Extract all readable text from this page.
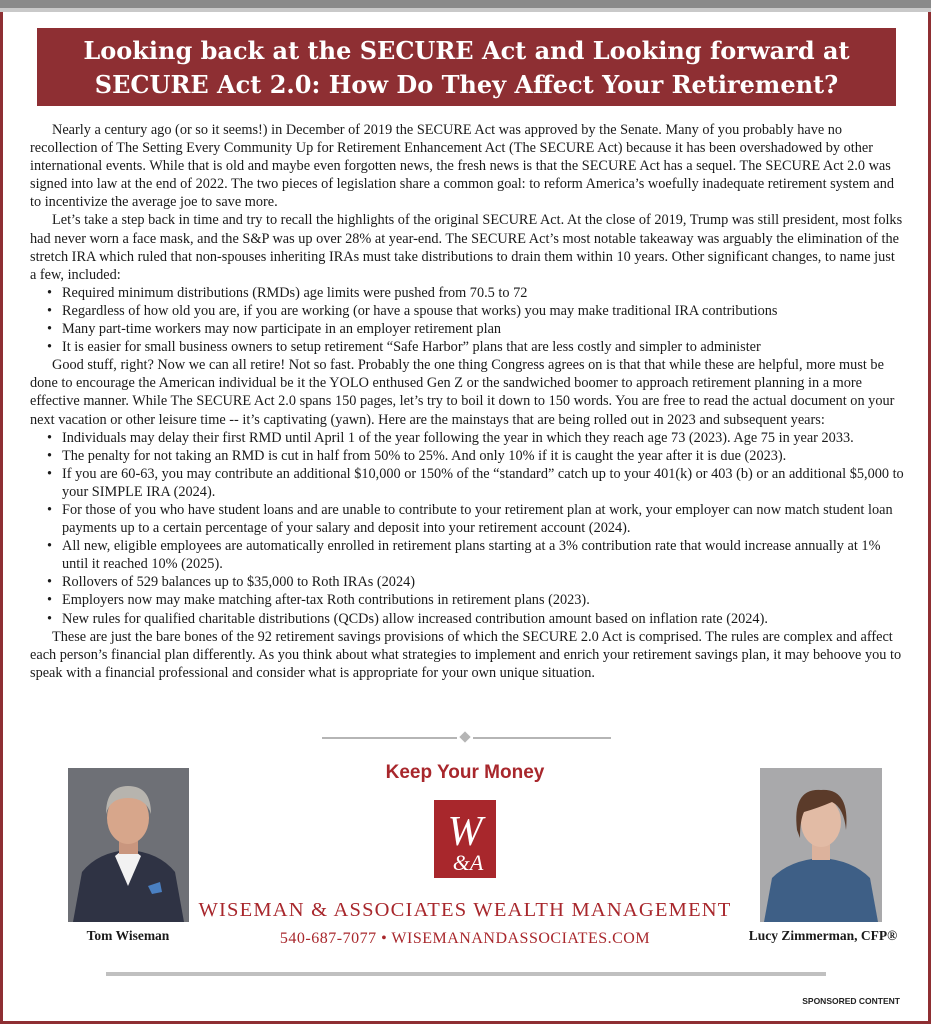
Looking back at the SECURE Act and Looking forward at
SECURE Act 2.0: How Do They Affect Your Retirement?

Nearly a century ago (or so it seems!) in December of 2019 the SECURE Act was approved by the Senate. Many of you probably have no recollection of The Setting Every Community Up for Retirement Enhancement Act (The SECURE Act) because it has been overshadowed by other international events. While that is old and maybe even forgotten news, the fresh news is that the SECURE Act has a sequel. The SECURE Act 2.0 was signed into law at the end of 2022. The two pieces of legislation share a common goal: to reform America’s woefully inadequate retirement system and to incentivize the average joe to save more.

Let’s take a step back in time and try to recall the highlights of the original SECURE Act. At the close of 2019, Trump was still president, most folks had never worn a face mask, and the S&P was up over 28% at year-end. The SECURE Act’s most notable takeaway was arguably the elimination of the stretch IRA which ruled that non-spouses inheriting IRAs must take distributions to drain them within 10 years. Other significant changes, to name just a few, included:

• Required minimum distributions (RMDs) age limits were pushed from 70.5 to 72
• Regardless of how old you are, if you are working (or have a spouse that works) you may make traditional IRA contributions
• Many part-time workers may now participate in an employer retirement plan
• It is easier for small business owners to setup retirement “Safe Harbor” plans that are less costly and simpler to administer

Good stuff, right? Now we can all retire! Not so fast. Probably the one thing Congress agrees on is that that while these are helpful, more must be done to encourage the American individual be it the YOLO enthused Gen Z or the sandwiched boomer to approach retirement planning in a more effective manner. While The SECURE Act 2.0 spans 150 pages, let’s try to boil it down to 150 words. You are free to read the actual document on your next vacation or other leisure time -- it’s captivating (yawn). Here are the mainstays that are being rolled out in 2023 and subsequent years:

• Individuals may delay their first RMD until April 1 of the year following the year in which they reach age 73 (2023). Age 75 in year 2033.
• The penalty for not taking an RMD is cut in half from 50% to 25%. And only 10% if it is caught the year after it is due (2023).
• If you are 60-63, you may contribute an additional $10,000 or 150% of the “standard” catch up to your 401(k) or 403 (b) or an additional $5,000 to your SIMPLE IRA (2024).
• For those of you who have student loans and are unable to contribute to your retirement plan at work, your employer can now match student loan payments up to a certain percentage of your salary and deposit into your retirement account (2024).
• All new, eligible employees are automatically enrolled in retirement plans starting at a 3% contribution rate that would increase annually at 1% until it reached 10% (2025).
• Rollovers of 529 balances up to $35,000 to Roth IRAs (2024)
• Employers now may make matching after-tax Roth contributions in retirement plans (2023).
• New rules for qualified charitable distributions (QCDs) allow increased contribution amount based on inflation rate (2024).

These are just the bare bones of the 92 retirement savings provisions of which the SECURE 2.0 Act is comprised. The rules are complex and affect each person’s financial plan differently. As you think about what strategies to implement and enrich your retirement savings plan, it may behoove you to speak with a financial professional and consider what is appropriate for your own unique situation.

Tom Wiseman	Lucy Zimmerman, CFP®
Keep Your Money
W
&A
WISEMAN & ASSOCIATES WEALTH MANAGEMENT
540-687-7077 • WISEMANANDASSOCIATES.COM
SPONSORED CONTENT
